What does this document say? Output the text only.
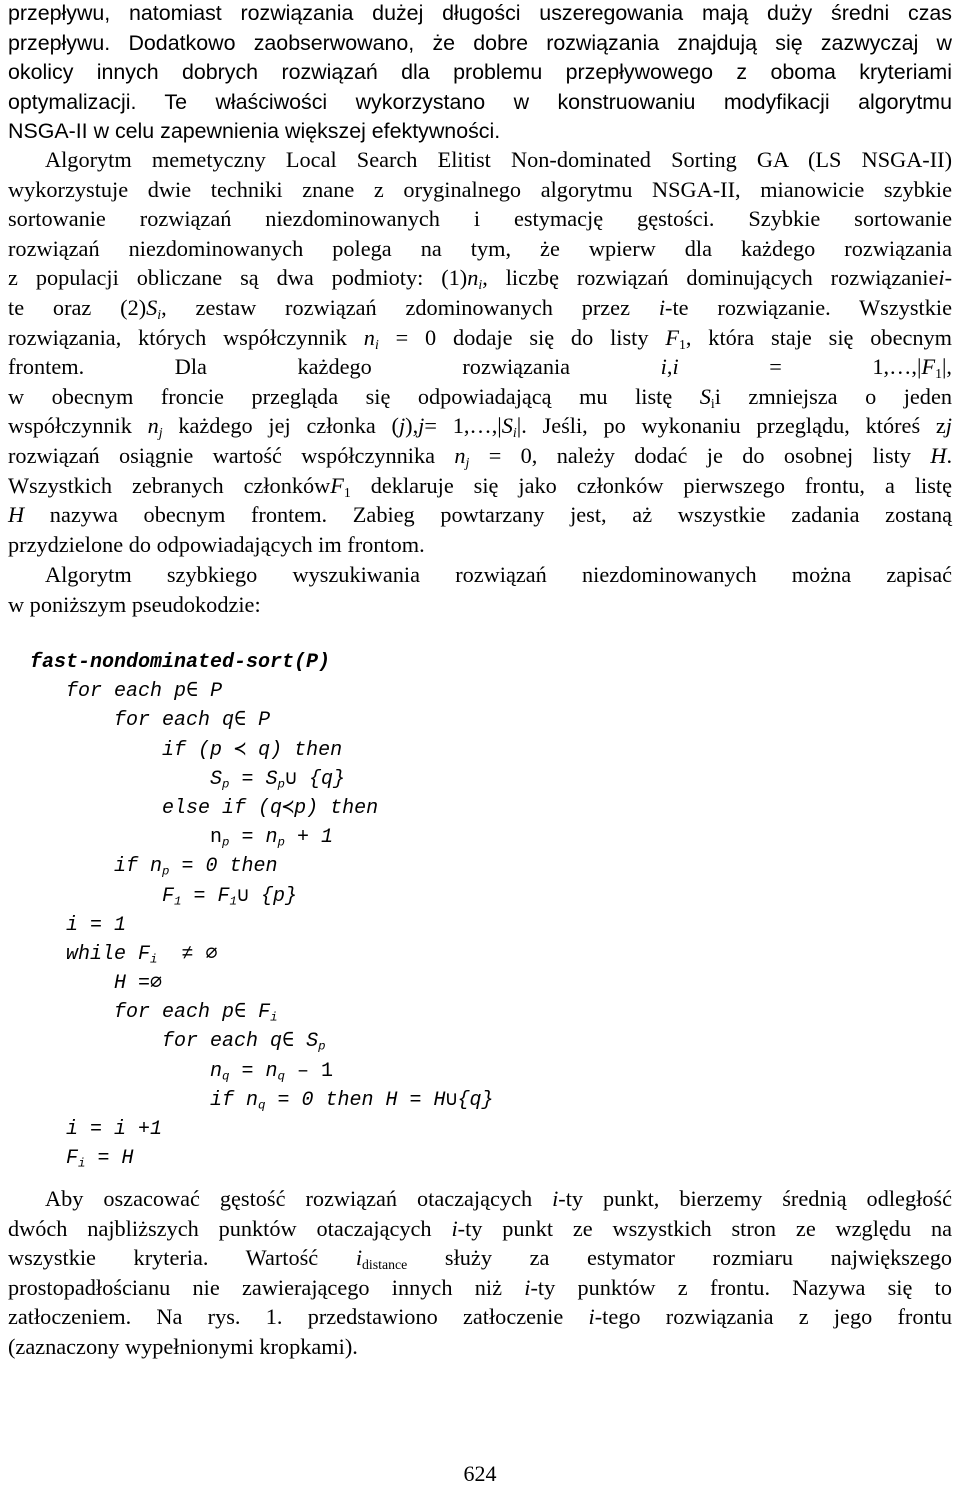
przepływu, natomiast rozwiązania dużej długości uszeregowania mają duży średni czas
przepływu. Dodatkowo zaobserwowano, że dobre rozwiązania znajdują się zazwyczaj w
okolicy innych dobrych rozwiązań dla problemu przepływowego z oboma kryteriami
optymalizacji. Te właściwości wykorzystano w konstruowaniu modyfikacji algorytmu
NSGA-II w celu zapewnienia większej efektywności.
Algorytm memetyczny Local Search Elitist Non-dominated Sorting GA (LS NSGA-II)
wykorzystuje dwie techniki znane z oryginalnego algorytmu NSGA-II, mianowicie szybkie
sortowanie rozwiązań niezdominowanych i estymację gęstości. Szybkie sortowanie
rozwiązań niezdominowanych polega na tym, że wpierw dla każdego rozwiązania
z populacji obliczane są dwa podmioty: $(1)n_i$, liczbę rozwiązań dominujących rozwiązaniei-
te oraz $(2)S_i$, zestaw rozwiązań zdominowanych przez i-te rozwiązanie. Wszystkie
rozwiązania, których współczynnik $n_i = 0$ dodaje się do listy $F_1$, która staje się obecnym
frontem. Dla każdego rozwiązania $i,i = 1,\dots,|F_1|$,
w obecnym froncie przegląda się odpowiadającą mu listę $S_ii$ zmniejsza o jeden
współczynnik $n_j$ każdego jej członka $(j),j= 1,\dots,|S_i|$. Jeśli, po wykonaniu przeglądu, któreś zj
rozwiązań osiągnie wartość współczynnika $n_j = 0$, należy dodać je do osobnej listy H.
Wszystkich zebranych członkówF$_1$ deklaruje się jako członków pierwszego frontu, a listę
H nazywa obecnym frontem. Zabieg powtarzany jest, aż wszystkie zadania zostaną
przydzielone do odpowiadających im frontom.
Algorytm szybkiego wyszukiwania rozwiązań niezdominowanych można zapisać
w poniższym pseudokodzie:
fast-nondominated-sort(P)
for each p∈ P
for each q∈ P
if (p ≺ q) then
$S_p$ = $S_p\cup$ {q}
else if (q≺p) then
$n_p = n_p + 1$
if $n_p = 0$ then
$F_1$ = $F_1\cup$ {p}
i = 1
while $F_i$  ≠ ∅
H =∅
for each p∈ $F_i$
for each q∈ $S_p$
$n_q = n_q - 1$
if $n_q = 0$ then H = H∪{q}
i = i +1
$F_i = H$
Aby oszacować gęstość rozwiązań otaczających i-ty punkt, bierzemy średnią odległość
dwóch najbliższych punktów otaczających i-ty punkt ze wszystkich stron ze względu na
wszystkie kryteria. Wartość $i_{distance}$ służy za estymator rozmiaru największego
prostopadłościanu nie zawierającego innych niż i-ty punktów z frontu. Nazywa się to
zatłoczeniem. Na rys. 1. przedstawiono zatłoczenie i-tego rozwiązania z jego frontu
(zaznaczony wypełnionymi kropkami).
624
